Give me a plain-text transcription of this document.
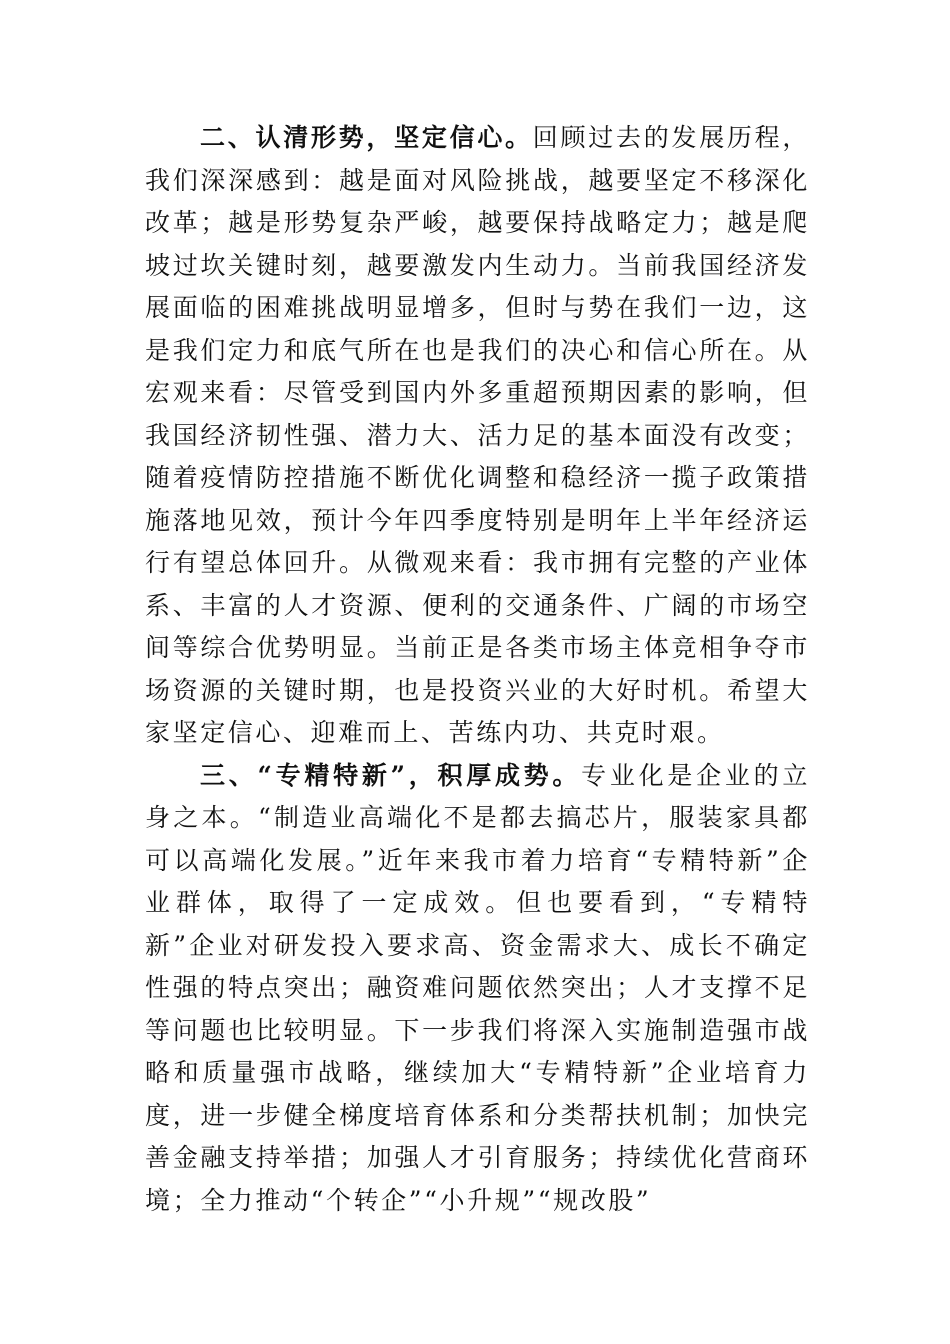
二、认清形势，坚定信心。回顾过去的发展历程，我们深深感到：越是面对风险挑战，越要坚定不移深化改革；越是形势复杂严峻，越要保持战略定力；越是爬坡过坎关键时刻，越要激发内生动力。当前我国经济发展面临的困难挑战明显增多，但时与势在我们一边，这是我们定力和底气所在也是我们的决心和信心所在。从宏观来看：尽管受到国内外多重超预期因素的影响，但我国经济韧性强、潜力大、活力足的基本面没有改变；随着疫情防控措施不断优化调整和稳经济一揽子政策措施落地见效，预计今年四季度特别是明年上半年经济运行有望总体回升。从微观来看：我市拥有完整的产业体系、丰富的人才资源、便利的交通条件、广阔的市场空间等综合优势明显。当前正是各类市场主体竞相争夺市场资源的关键时期，也是投资兴业的大好时机。希望大家坚定信心、迎难而上、苦练内功、共克时艰。

三、“专精特新”，积厚成势。专业化是企业的立身之本。“制造业高端化不是都去搞芯片，服装家具都可以高端化发展。”近年来我市着力培育“专精特新”企业群体，取得了一定成效。但也要看到，“专精特新”企业对研发投入要求高、资金需求大、成长不确定性强的特点突出；融资难问题依然突出；人才支撑不足等问题也比较明显。下一步我们将深入实施制造强市战略和质量强市战略，继续加大“专精特新”企业培育力度，进一步健全梯度培育体系和分类帮扶机制；加快完善金融支持举措；加强人才引育服务；持续优化营商环境；全力推动“个转企”“小升规”“规改股”
